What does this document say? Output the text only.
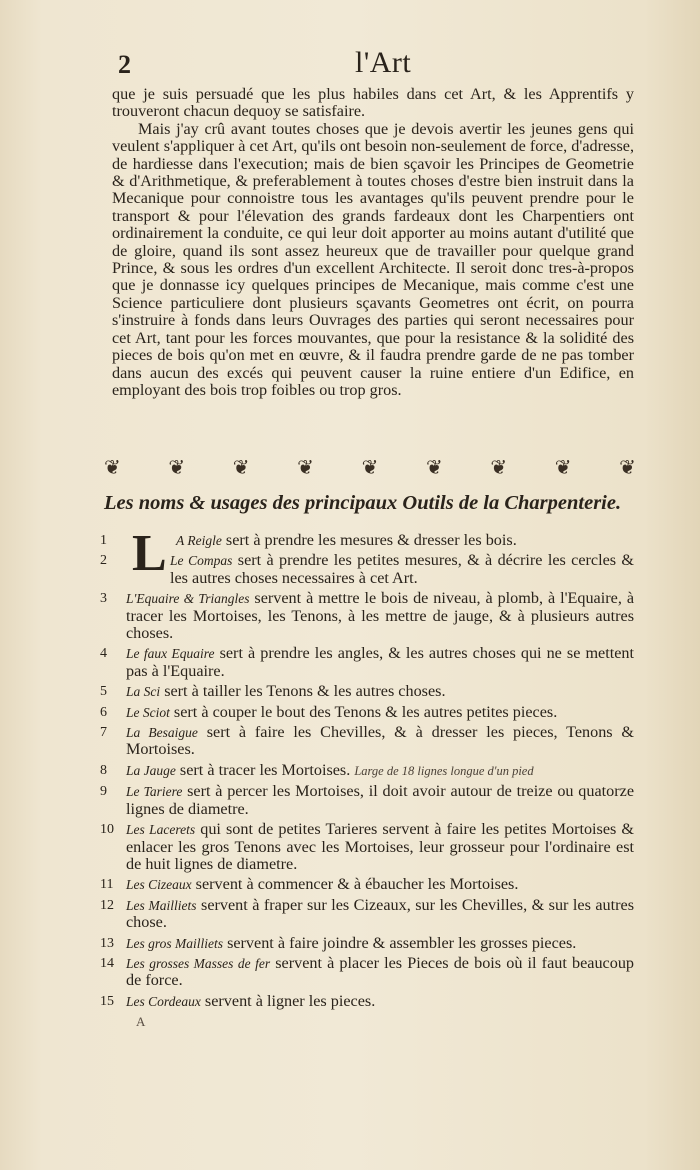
2	l'Art

que je suis persuadé que les plus habiles dans cet Art, & les Apprentifs y trouveront chacun dequoy se satisfaire.

Mais j'ay crû avant toutes choses que je devois avertir les jeunes gens qui veulent s'appliquer à cet Art, qu'ils ont besoin non-seulement de force, d'adresse, de hardiesse dans l'execution; mais de bien sçavoir les Principes de Geometrie & d'Arithmetique, & preferablement à toutes choses d'estre bien instruit dans la Mecanique pour connoistre tous les avantages qu'ils peuvent prendre pour le transport & pour l'élevation des grands fardeaux dont les Charpentiers ont ordinairement la conduite, ce qui leur doit apporter au moins autant d'utilité que de gloire, quand ils sont assez heureux que de travailler pour quelque grand Prince, & sous les ordres d'un excellent Architecte. Il seroit donc tres-à-propos que je donnasse icy quelques principes de Mecanique, mais comme c'est une Science particuliere dont plusieurs sçavants Geometres ont écrit, on pourra s'instruire à fonds dans leurs Ouvrages des parties qui seront necessaires pour cet Art, tant pour les forces mouvantes, que pour la resistance & la solidité des pieces de bois qu'on met en œuvre, & il faudra prendre garde de ne pas tomber dans aucun des excés qui peuvent causer la ruine entiere d'un Edifice, en employant des bois trop foibles ou trop gros.

❦ ❦ ❦ ❦ ❦ ❦ ❦ ❦ ❦
Les noms & usages des principaux Outils de la Charpenterie.
L
1	A Reigle sert à prendre les mesures & dresser les bois.
2	Le Compas sert à prendre les petites mesures, & à décrire les cercles & les autres choses necessaires à cet Art.
3 L'Equaire & Triangles servent à mettre le bois de niveau, à plomb, à l'Equaire, à tracer les Mortoises, les Tenons, à les mettre de jauge, & à plusieurs autres choses.
4 Le faux Equaire sert à prendre les angles, & les autres choses qui ne se mettent pas à l'Equaire.
5 La Sci sert à tailler les Tenons & les autres choses.
6 Le Sciot sert à couper le bout des Tenons & les autres petites pieces.
7 La Besaigue sert à faire les Chevilles, & à dresser les pieces, Tenons & Mortoises.
8 La Jauge sert à tracer les Mortoises. Large de 18 lignes longue d'un pied
9 Le Tariere sert à percer les Mortoises, il doit avoir autour de treize ou quatorze lignes de diametre.
10 Les Lacerets qui sont de petites Tarieres servent à faire les petites Mortoises & enlacer les gros Tenons avec les Mortoises, leur grosseur pour l'ordinaire est de huit lignes de diametre.
11 Les Cizeaux servent à commencer & à ébaucher les Mortoises.
12 Les Mailliets servent à fraper sur les Cizeaux, sur les Chevilles, & sur les autres chose.
13 Les gros Mailliets servent à faire joindre & assembler les grosses pieces.
14 Les grosses Masses de fer servent à placer les Pieces de bois où il faut beaucoup de force.
15 Les Cordeaux servent à ligner les pieces.
A
